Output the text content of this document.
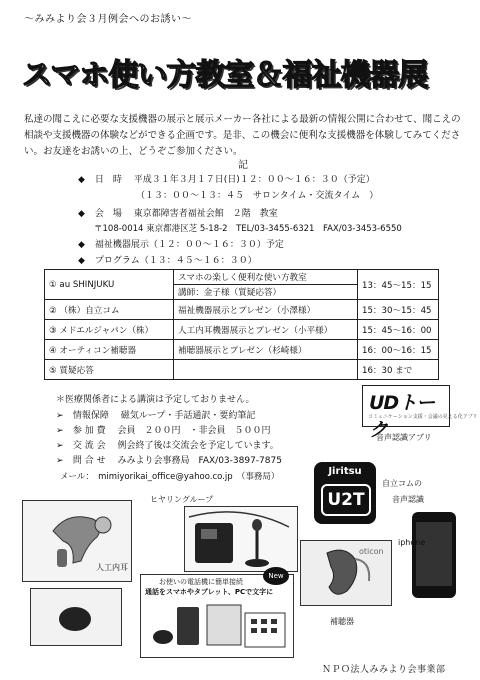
〜みみより会３月例会へのお誘い〜
スマホ使い方教室＆福祉機器展
私達の聞こえに必要な支援機器の展示と展示メーカー各社による最新の情報公開に合わせて、聞こえの相談や支援機器の体験などができる企画です。是非、この機会に便利な支援機器を体験してみてください。お友達をお誘いの上、どうぞご参加ください。
記
◆ 日　時　 平成３１年３月１７日(日)１２：００〜１６：３０（予定）
（１３：００〜１３：４５　サロンタイム・交流タイム　）
◆ 会　場　 東京都障害者福祉会館　２階　教室
〒108-0014 東京都港区芝 5-18-2　TEL/03-3455-6321　FAX/03-3453-6550
◆ 福祉機器展示（１２：００〜１６：３０）予定
◆ プログラム（１３：４５〜１６：３０）
① au SHINJUKU	スマホの楽しく便利な使い方教室	13：45〜15：15
	講師：金子様（質疑応答）	
② （株）自立コム	福祉機器展示とプレゼン（小澤様）	15：30〜15：45
③ メドエルジャパン（株）	人工内耳機器展示とプレゼン（小平様）	15：45〜16：00
④ オーティコン補聴器	補聴器展示とプレゼン（杉崎様）	16：00〜16：15
⑤ 質疑応答		16：30 まで
＊医療関係者による講演は予定しておりません。
➢ 情報保障　 磁気ループ・手話通訳・要約筆記
➢ 参 加 費　 会員　２００円　・非会員　５００円
➢ 交 流 会　 例会終了後は交流会を予定しています。
➢ 問 合 せ　 みみより会事務局　FAX/03-3897-7875
メール：　mimiyorikai_office@yahoo.co.jp　（事務局）
UDトーク
コミュニケーション支援・会議の見える化アプリ
音声認識アプリ
ヒヤリングループ
人工内耳
Jiritsu
U2T
自立コムの
音声認識
iphone
oticon
補聴器
お使いの電話機に簡単接続
通話をスマホやタブレット、PCで文字に
New
ＮＰＯ法人みみより会事業部
